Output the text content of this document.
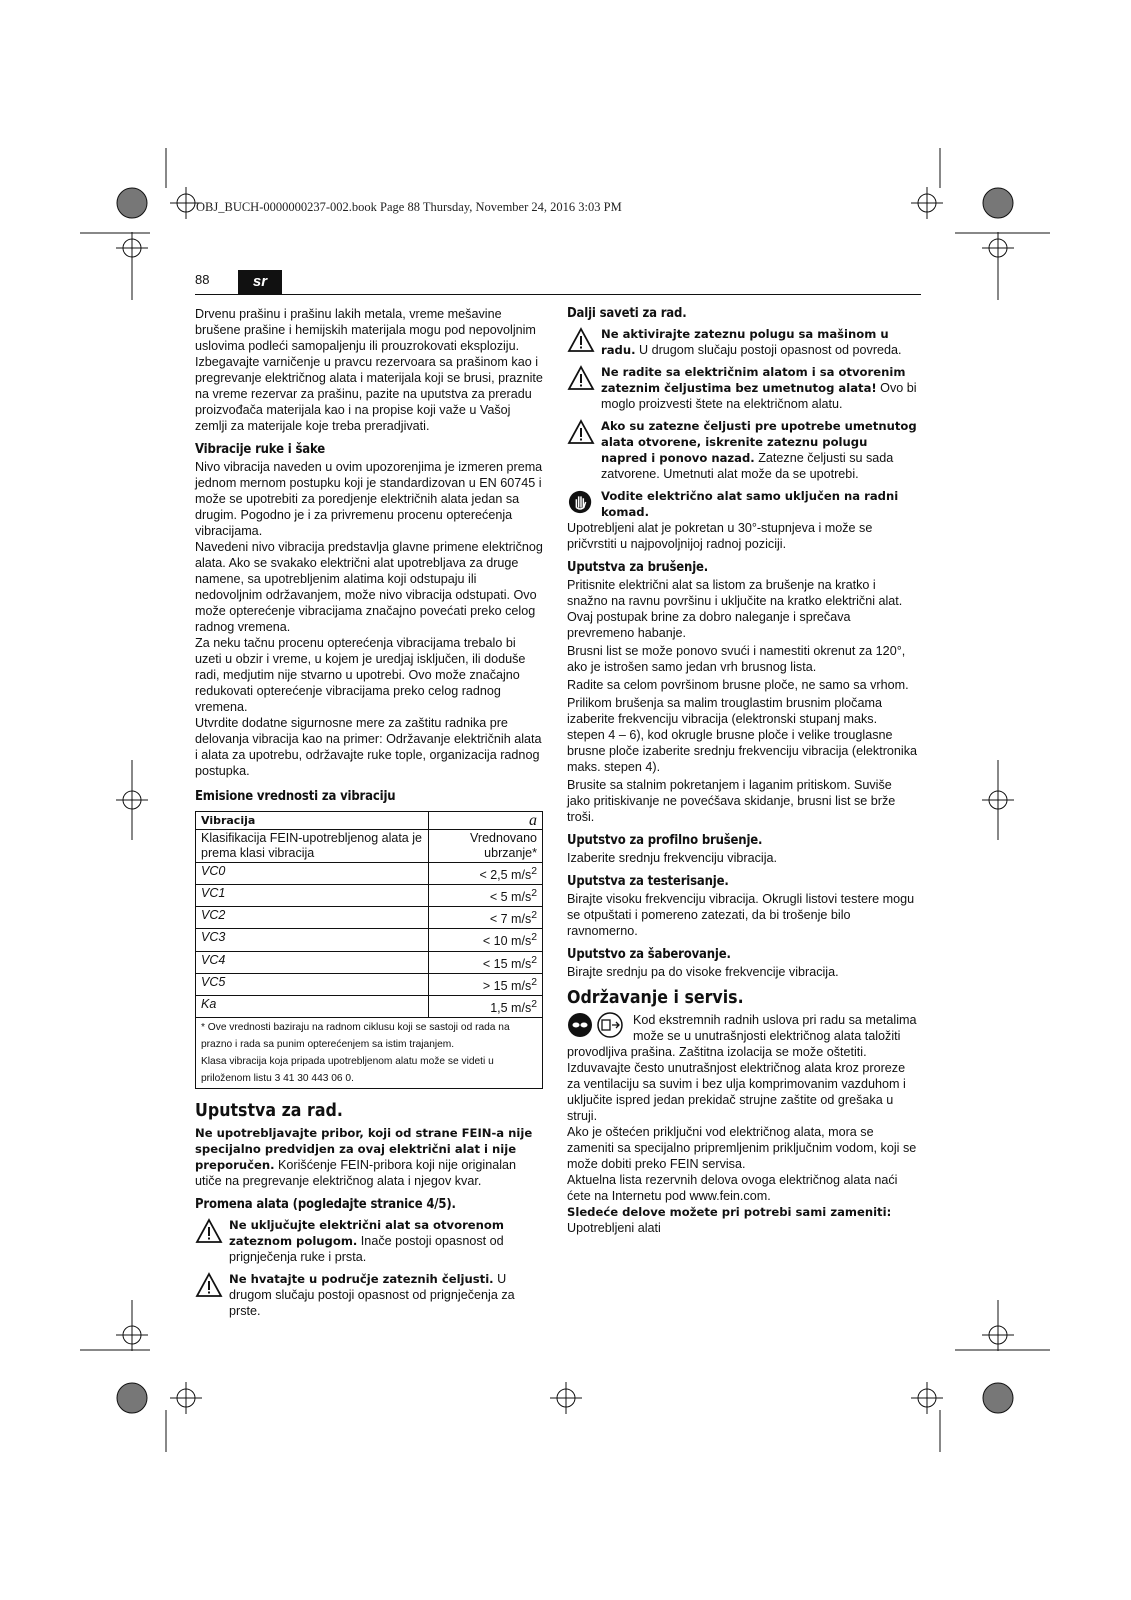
OBJ_BUCH-0000000237-002.book Page 88 Thursday, November 24, 2016 3:03 PM
88	sr

Drvenu prašinu i prašinu lakih metala, vreme mešavine brušene prašine i hemijskih materijala mogu pod nepovoljnim uslovima podleći samopaljenju ili prouzrokovati eksploziju. Izbegavajte varničenje u pravcu rezervoara sa prašinom kao i pregrevanje električnog alata i materijala koji se brusi, praznite na vreme rezervar za prašinu, pazite na uputstva za preradu proizvođača materijala kao i na propise koji važe u Vašoj zemlji za materijale koje treba preradjivati.

Vibracije ruke i šake

Nivo vibracija naveden u ovim upozorenjima je izmeren prema jednom mernom postupku koji je standardizovan u EN 60745 i može se upotrebiti za poredjenje električnih alata jedan sa drugim. Pogodno je i za privremenu procenu opterećenja vibracijama.

Navedeni nivo vibracija predstavlja glavne primene električnog alata. Ako se svakako električni alat upotrebljava za druge namene, sa upotrebljenim alatima koji odstupaju ili nedovoljnim održavanjem, može nivo vibracija odstupati. Ovo može opterećenje vibracijama značajno povećati preko celog radnog vremena.

Za neku tačnu procenu opterećenja vibracijama trebalo bi uzeti u obzir i vreme, u kojem je uredjaj isključen, ili doduše radi, medjutim nije stvarno u upotrebi. Ovo može značajno redukovati opterećenje vibracijama preko celog radnog vremena.

Utvrdite dodatne sigurnosne mere za zaštitu radnika pre delovanja vibracija kao na primer: Održavanje električnih alata i alata za upotrebu, održavajte ruke tople, organizacija radnog postupka.

Emisione vrednosti za vibraciju

Vibracija	a
Klasifikacija FEIN-upotrebljenog alata je prema klasi vibracija	Vrednovano ubrzanje*
VC0	< 2,5 $m/s^2$
VC1	< 5 $m/s^2$
VC2	< 7 $m/s^2$
VC3	< 10 $m/s^2$
VC4	< 15 $m/s^2$
VC5	> 15 $m/s^2$
Ka	1,5 $m/s^2$

* Ove vrednosti baziraju na radnom ciklusu koji se sastoji od rada na prazno i rada sa punim opterećenjem sa istim trajanjem.
Klasa vibracija koja pripada upotrebljenom alatu može se videti u priloženom listu 3 41 30 443 06 0.	

Uputstva za rad.

Ne upotrebljavajte pribor, koji od strane FEIN-a nije specijalno predvidjen za ovaj električni alat i nije preporučen. Korišćenje FEIN-pribora koji nije originalan utiče na pregrevanje električnog alata i njegov kvar.

Promena alata (pogledajte stranice 4/5).

Ne uključujte električni alat sa otvorenom zateznom polugom. Inače postoji opasnost od prignječenja ruke i prsta.

Ne hvatajte u područje zateznih čeljusti. U drugom slučaju postoji opasnost od prignječenja za prste.

Dalji saveti za rad.

Ne aktivirajte zateznu polugu sa mašinom u radu. U drugom slučaju postoji opasnost od povreda.

Ne radite sa električnim alatom i sa otvorenim zateznim čeljustima bez umetnutog alata! Ovo bi moglo proizvesti štete na električnom alatu.

Ako su zatezne čeljusti pre upotrebe umetnutog alata otvorene, iskrenite zateznu polugu napred i ponovo nazad. Zatezne čeljusti su sada zatvorene. Umetnuti alat može da se upotrebi.

Vodite električno alat samo uključen na radni komad.

Upotrebljeni alat je pokretan u 30°-stupnjeva i može se pričvrstiti u najpovoljnijoj radnoj poziciji.

Uputstva za brušenje.

Pritisnite električni alat sa listom za brušenje na kratko i snažno na ravnu površinu i uključite na kratko električni alat. Ovaj postupak brine za dobro naleganje i sprečava prevremeno habanje.

Brusni list se može ponovo svući i namestiti okrenut za 120°, ako je istrošen samo jedan vrh brusnog lista.

Radite sa celom površinom brusne ploče, ne samo sa vrhom.

Prilikom brušenja sa malim trouglastim brusnim pločama izaberite frekvenciju vibracija (elektronski stupanj maks. stepen 4 – 6), kod okrugle brusne ploče i velike trouglasne brusne ploče izaberite srednju frekvenciju vibracija (elektronika maks. stepen 4).

Brusite sa stalnim pokretanjem i laganim pritiskom. Suviše jako pritiskivanje ne povećšava skidanje, brusni list se brže troši.

Uputstvo za profilno brušenje.

Izaberite srednju frekvenciju vibracija.

Uputstva za testerisanje.

Birajte visoku frekvenciju vibracija. Okrugli listovi testere mogu se otpuštati i pomereno zatezati, da bi trošenje bilo ravnomerno.

Uputstvo za šaberovanje.

Birajte srednju pa do visoke frekvencije vibracija.

Održavanje i servis.

Kod ekstremnih radnih uslova pri radu sa metalima može se u unutrašnjosti električnog alata taložiti provodljiva prašina. Zaštitna izolacija se može oštetiti. Izduvavajte često unutrašnjost električnog alata kroz proreze za ventilaciju sa suvim i bez ulja komprimovanim vazduhom i uključite ispred jedan prekidač strujne zaštite od grešaka u struji.

Ako je oštećen priključni vod električnog alata, mora se zameniti sa specijalno pripremljenim priključnim vodom, koji se može dobiti preko FEIN servisa.

Aktuelna lista rezervnih delova ovoga električnog alata naći ćete na Internetu pod www.fein.com.

Sledeće delove možete pri potrebi sami zameniti:

Upotrebljeni alati
